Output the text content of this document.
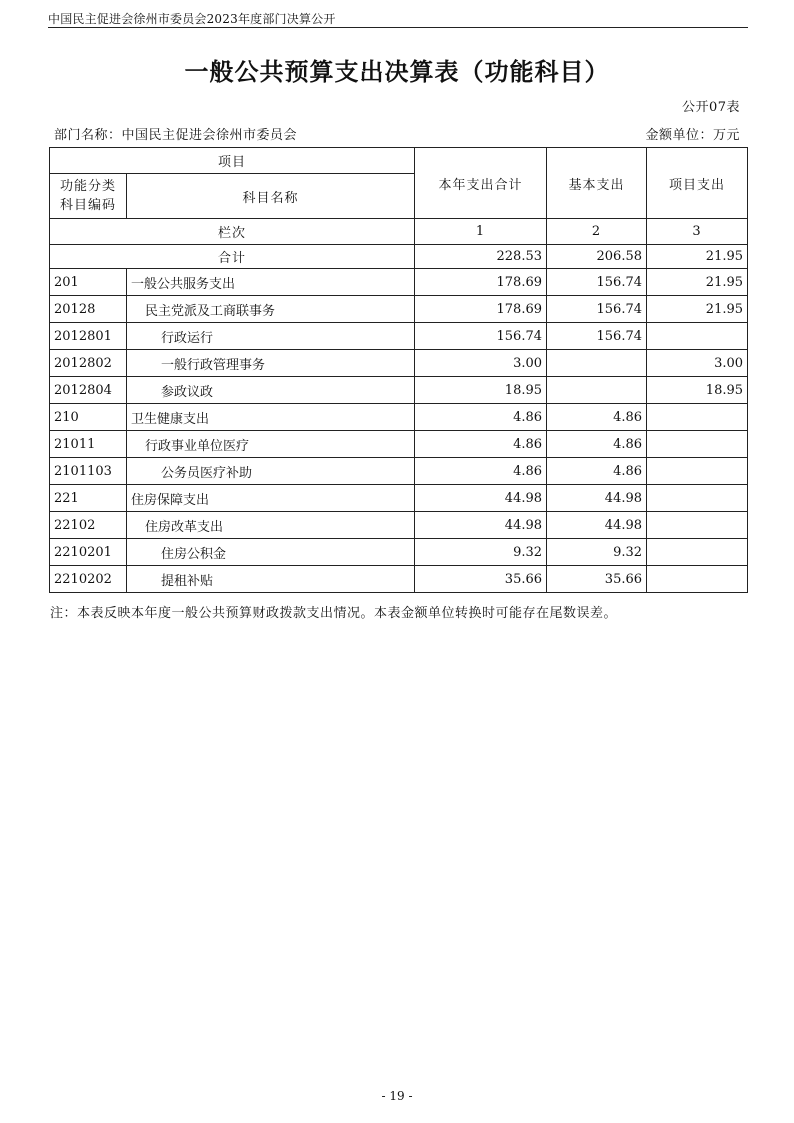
中国民主促进会徐州市委员会2023年度部门决算公开
一般公共预算支出决算表（功能科目）
公开07表
部门名称：中国民主促进会徐州市委员会	金额单位：万元
项目		本年支出合计	基本支出	项目支出
功能分类科目编码	科目名称			
栏次		1	2	3
合计		228.53	206.58	21.95
201	一般公共服务支出	178.69	156.74	21.95
20128	民主党派及工商联事务	178.69	156.74	21.95
2012801	行政运行	156.74	156.74	
2012802	一般行政管理事务	3.00		3.00
2012804	参政议政	18.95		18.95
210	卫生健康支出	4.86	4.86	
21011	行政事业单位医疗	4.86	4.86	
2101103	公务员医疗补助	4.86	4.86	
221	住房保障支出	44.98	44.98	
22102	住房改革支出	44.98	44.98	
2210201	住房公积金	9.32	9.32	
2210202	提租补贴	35.66	35.66	
注：本表反映本年度一般公共预算财政拨款支出情况。本表金额单位转换时可能存在尾数误差。
- 19 -
